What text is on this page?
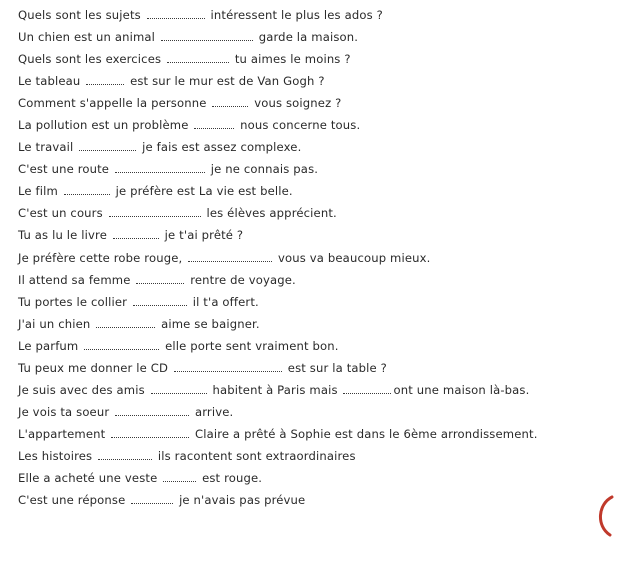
Quels sont les sujets	intéressent le plus les ados ?
Un chien est un animal	garde la maison.
Quels sont les exercices	tu aimes le moins ?
Le tableau	est sur le mur est de Van Gogh ?
Comment s'appelle la personne	vous soignez ?
La pollution est un problème	nous concerne tous.
Le travail	je fais est assez complexe.
C'est une route	je ne connais pas.
Le film	je préfère est La vie est belle.
C'est un cours	les élèves apprécient.
Tu as lu le livre	je t'ai prêté ?
Je préfère cette robe rouge,	vous va beaucoup mieux.
Il attend sa femme	rentre de voyage.
Tu portes le collier	il t'a offert.
J'ai un chien	aime se baigner.
Le parfum	elle porte sent vraiment bon.
Tu peux me donner le CD	est sur la table ?
Je suis avec des amis	habitent à Paris mais	ont une maison là-bas.
Je vois ta soeur	arrive.
L'appartement	Claire a prêté à Sophie est dans le 6ème arrondissement.
Les histoires	ils racontent sont extraordinaires
Elle a acheté une veste	est rouge.
C'est une réponse	je n'avais pas prévue
